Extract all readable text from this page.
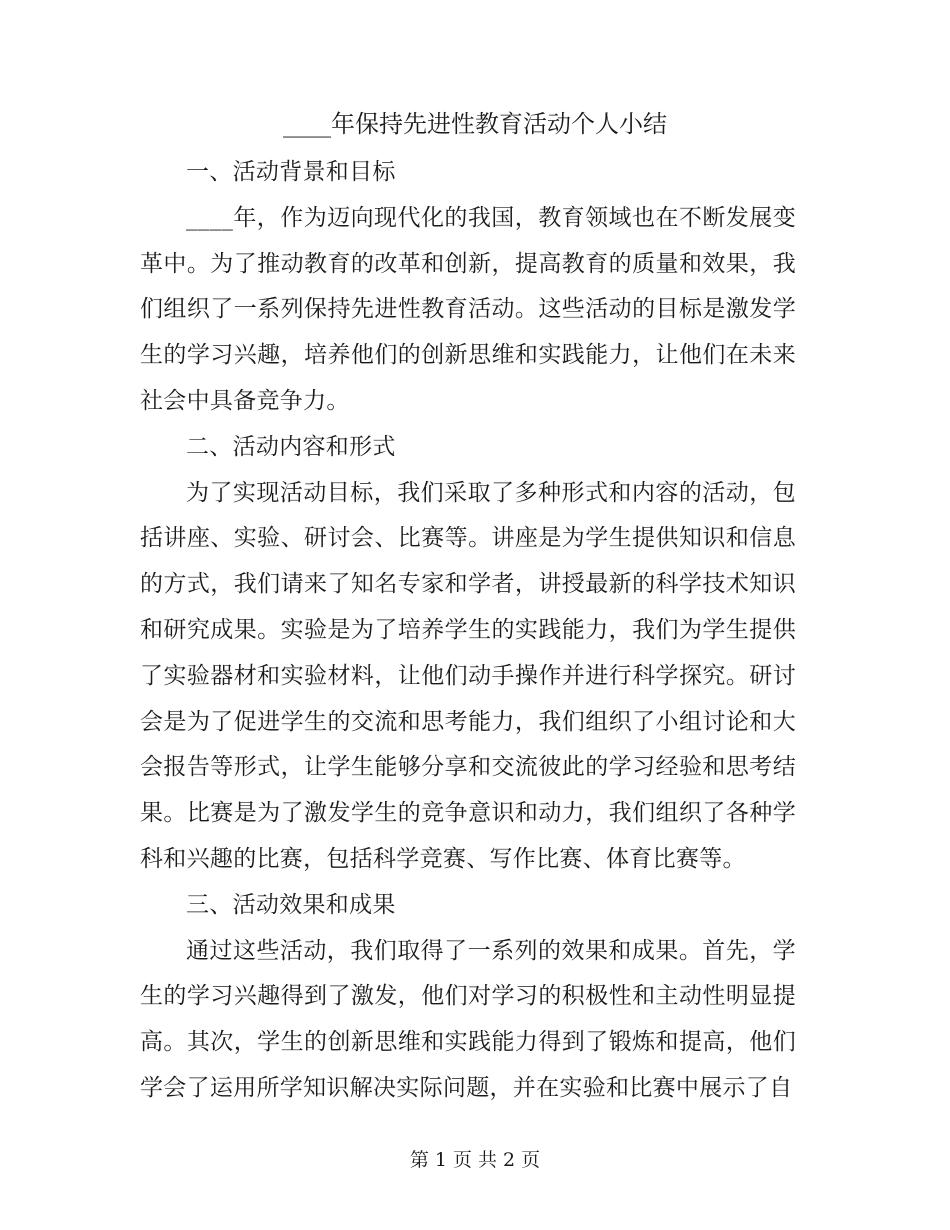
____年保持先进性教育活动个人小结

一、活动背景和目标

____年，作为迈向现代化的我国，教育领域也在不断发展变革中。为了推动教育的改革和创新，提高教育的质量和效果，我们组织了一系列保持先进性教育活动。这些活动的目标是激发学生的学习兴趣，培养他们的创新思维和实践能力，让他们在未来社会中具备竞争力。

二、活动内容和形式

为了实现活动目标，我们采取了多种形式和内容的活动，包括讲座、实验、研讨会、比赛等。讲座是为学生提供知识和信息的方式，我们请来了知名专家和学者，讲授最新的科学技术知识和研究成果。实验是为了培养学生的实践能力，我们为学生提供了实验器材和实验材料，让他们动手操作并进行科学探究。研讨会是为了促进学生的交流和思考能力，我们组织了小组讨论和大会报告等形式，让学生能够分享和交流彼此的学习经验和思考结果。比赛是为了激发学生的竞争意识和动力，我们组织了各种学科和兴趣的比赛，包括科学竞赛、写作比赛、体育比赛等。

三、活动效果和成果

通过这些活动，我们取得了一系列的效果和成果。首先，学生的学习兴趣得到了激发，他们对学习的积极性和主动性明显提高。其次，学生的创新思维和实践能力得到了锻炼和提高，他们学会了运用所学知识解决实际问题，并在实验和比赛中展示了自

第 1 页 共 2 页
